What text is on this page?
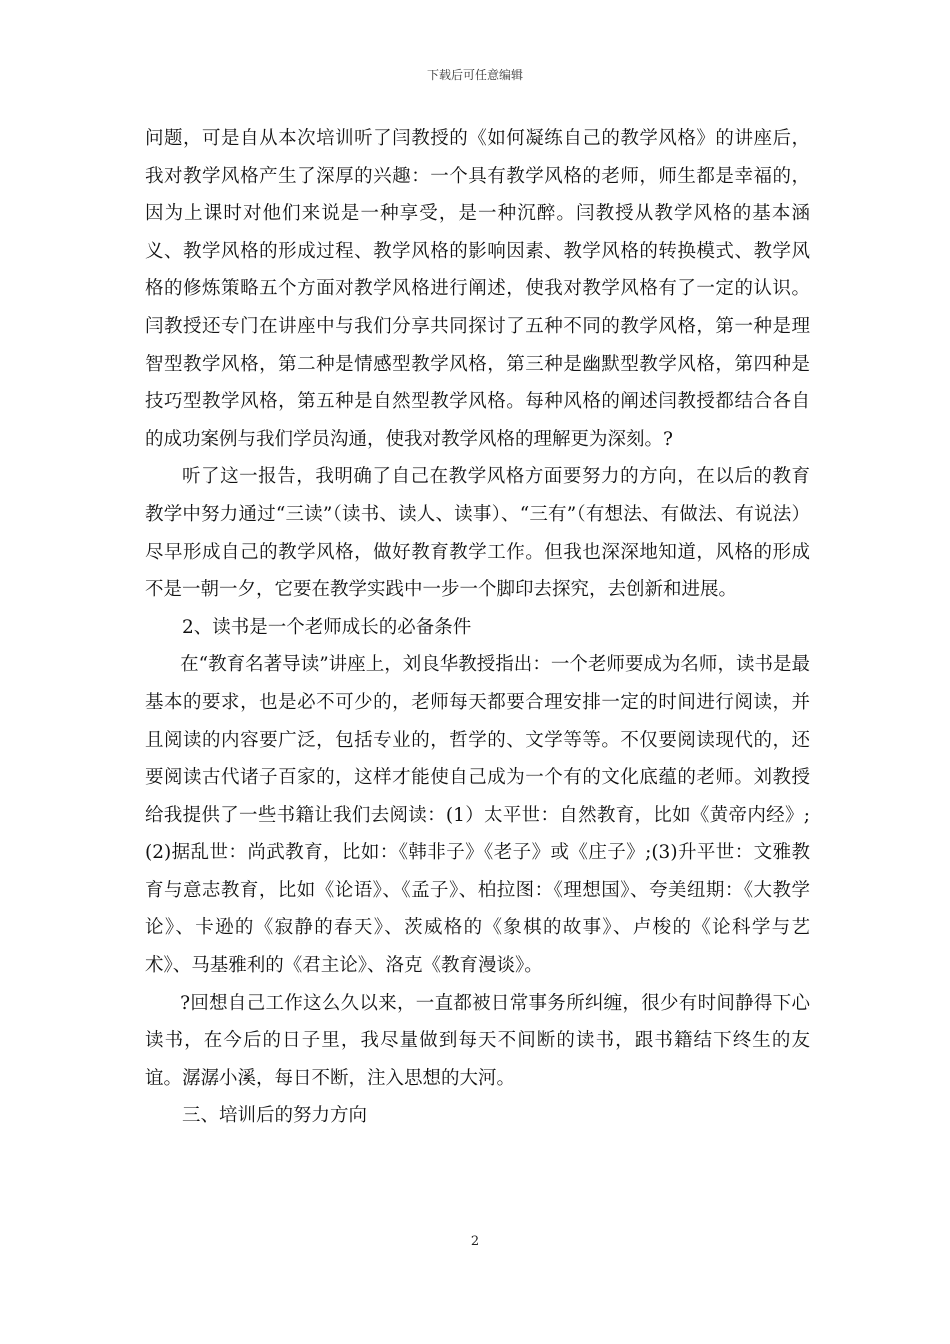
下载后可任意编辑

问题，可是自从本次培训听了闫教授的《如何凝练自己的教学风格》的讲座后，我对教学风格产生了深厚的兴趣：一个具有教学风格的老师，师生都是幸福的，因为上课时对他们来说是一种享受，是一种沉醉。闫教授从教学风格的基本涵义、教学风格的形成过程、教学风格的影响因素、教学风格的转换模式、教学风格的修炼策略五个方面对教学风格进行阐述，使我对教学风格有了一定的认识。闫教授还专门在讲座中与我们分享共同探讨了五种不同的教学风格，第一种是理智型教学风格，第二种是情感型教学风格，第三种是幽默型教学风格，第四种是技巧型教学风格，第五种是自然型教学风格。每种风格的阐述闫教授都结合各自的成功案例与我们学员沟通，使我对教学风格的理解更为深刻。?

听了这一报告，我明确了自己在教学风格方面要努力的方向，在以后的教育教学中努力通过“三读”（读书、读人、读事）、“三有”（有想法、有做法、有说法）尽早形成自己的教学风格，做好教育教学工作。但我也深深地知道，风格的形成不是一朝一夕，它要在教学实践中一步一个脚印去探究，去创新和进展。

2、读书是一个老师成长的必备条件

在“教育名著导读”讲座上，刘良华教授指出：一个老师要成为名师，读书是最基本的要求，也是必不可少的，老师每天都要合理安排一定的时间进行阅读，并且阅读的内容要广泛，包括专业的，哲学的、文学等等。不仅要阅读现代的，还要阅读古代诸子百家的，这样才能使自己成为一个有的文化底蕴的老师。刘教授给我提供了一些书籍让我们去阅读：(1）太平世：自然教育，比如《黄帝内经》;(2)据乱世：尚武教育，比如：《韩非子》《老子》或《庄子》;(3)升平世：文雅教育与意志教育，比如《论语》、《孟子》、柏拉图：《理想国》、夸美纽期：《大教学论》、卡逊的《寂静的春天》、茨威格的《象棋的故事》、卢梭的《论科学与艺术》、马基雅利的《君主论》、洛克《教育漫谈》。

?回想自己工作这么久以来，一直都被日常事务所纠缠，很少有时间静得下心读书，在今后的日子里，我尽量做到每天不间断的读书，跟书籍结下终生的友谊。潺潺小溪，每日不断，注入思想的大河。

三、培训后的努力方向

2
